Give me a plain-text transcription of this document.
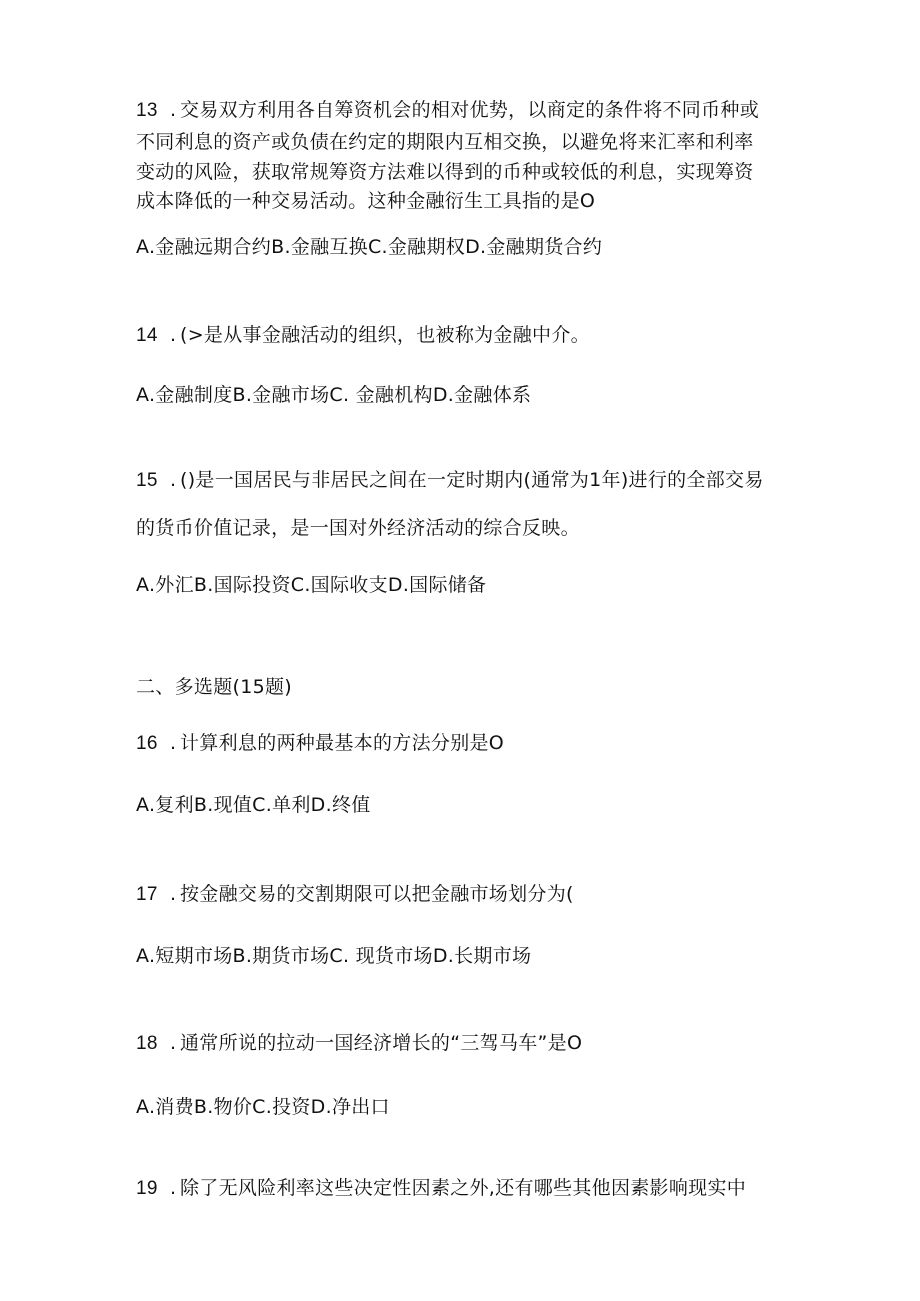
13 . 交易双方利用各自筹资机会的相对优势，以商定的条件将不同币种或
不同利息的资产或负债在约定的期限内互相交换，以避免将来汇率和利率
变动的风险，获取常规筹资方法难以得到的币种或较低的利息，实现筹资
成本降低的一种交易活动。这种金融衍生工具指的是O
A.金融远期合约B.金融互换C.金融期权D.金融期货合约
14 . (>是从事金融活动的组织，也被称为金融中介。
A.金融制度B.金融市场C. 金融机构D.金融体系
15 . ()是一国居民与非居民之间在一定时期内(通常为1年)进行的全部交易
的货币价值记录，是一国对外经济活动的综合反映。
A.外汇B.国际投资C.国际收支D.国际储备
二、多选题(15题)
16 . 计算利息的两种最基本的方法分别是O
A.复利B.现值C.单利D.终值
17 . 按金融交易的交割期限可以把金融市场划分为(
A.短期市场B.期货市场C. 现货市场D.长期市场
18 . 通常所说的拉动一国经济增长的“三驾马车”是O
A.消费B.物价C.投资D.净出口
19 . 除了无风险利率这些决定性因素之外,还有哪些其他因素影响现实中
